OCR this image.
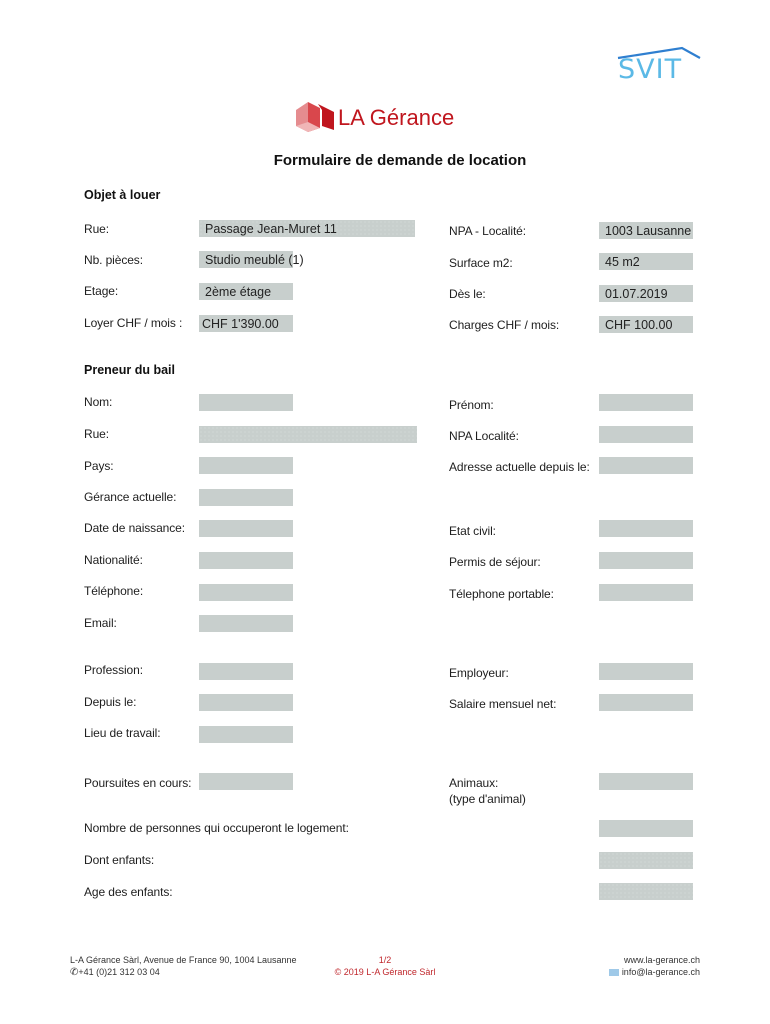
SVIT
LA Gérance
Formulaire de demande de location
Objet à louer
Rue:	Passage Jean-Muret 11	NPA - Localité:	1003 Lausanne
Nb. pièces:	Studio meublé (1)	Surface m2:	45 m2
Etage:	2ème étage	Dès le:	01.07.2019
Loyer CHF / mois : CHF 1'390.00	Charges CHF / mois:	CHF 100.00
Preneur du bail
Nom:	Prénom:
Rue:	NPA Localité:
Pays:	Adresse actuelle depuis le:
Gérance actuelle:
Date de naissance:	Etat civil:
Nationalité:	Permis de séjour:
Téléphone:	Télephone portable:
Email:
Profession:	Employeur:
Depuis le:	Salaire mensuel net:
Lieu de travail:
Poursuites en cours:	Animaux:
(type d'animal)
Nombre de personnes qui occuperont le logement:
Dont enfants:
Age des enfants:
L-A Gérance Sàrl, Avenue de France 90, 1004 Lausanne
✆+41 (0)21 312 03 04
1/2
© 2019 L-A Gérance Sàrl
www.la-gerance.ch
info@la-gerance.ch
